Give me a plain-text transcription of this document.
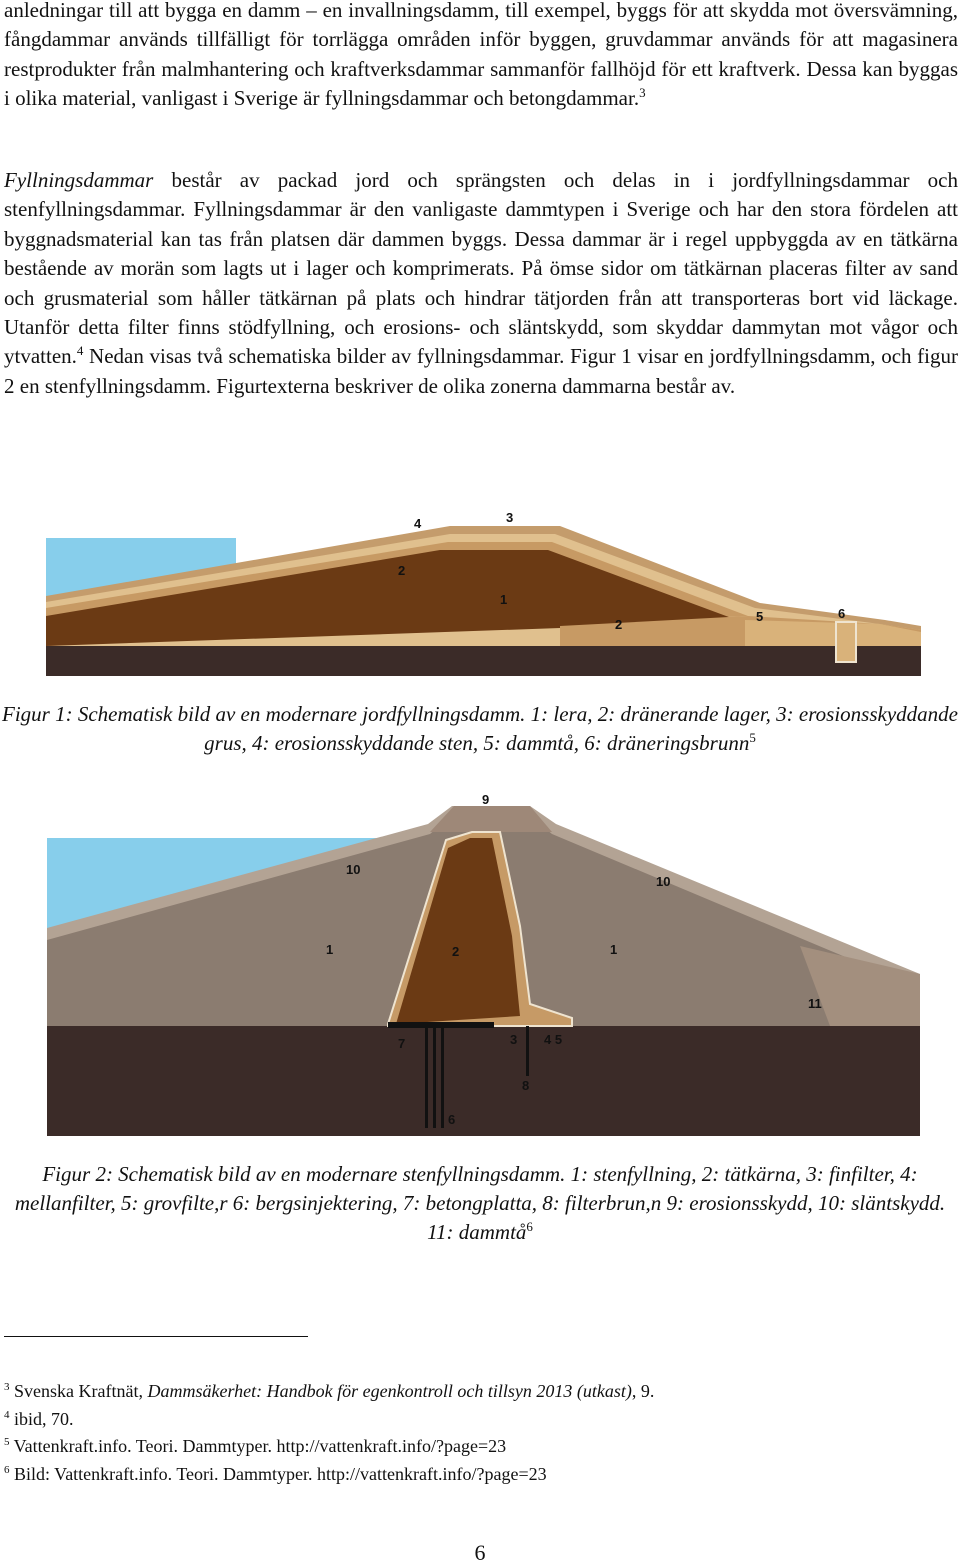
anledningar till att bygga en damm – en invallningsdamm, till exempel, byggs för att skydda mot översvämning, fångdammar används tillfälligt för torrlägga områden inför byggen, gruvdammar används för att magasinera restprodukter från malmhantering och kraftverksdammar sammanför fallhöjd för ett kraftverk. Dessa kan byggas i olika material, vanligast i Sverige är fyllningsdammar och betongdammar.$^3$
Fyllningsdammar består av packad jord och sprängsten och delas in i jordfyllningsdammar och stenfyllningsdammar. Fyllningsdammar är den vanligaste dammtypen i Sverige och har den stora fördelen att byggnadsmaterial kan tas från platsen där dammen byggs. Dessa dammar är i regel uppbyggda av en tätkärna bestående av morän som lagts ut i lager och komprimerats. På ömse sidor om tätkärnan placeras filter av sand och grusmaterial som håller tätkärnan på plats och hindrar tätjorden från att transporteras bort vid läckage. Utanför detta filter finns stödfyllning, och erosions- och släntskydd, som skyddar dammytan mot vågor och ytvatten.$^4$ Nedan visas två schematiska bilder av fyllningsdammar. Figur 1 visar en jordfyllningsdamm, och figur 2 en stenfyllningsdamm. Figurtexterna beskriver de olika zonerna dammarna består av.
4	3
2
1
2
5	6
Figur 1: Schematisk bild av en modernare jordfyllningsdamm. 1: lera, 2: dränerande lager, 3: erosionsskyddande grus, 4: erosionsskyddande sten, 5: dammtå, 6: dräneringsbrunn$^5$
9
10
10
1	2	1
11
7	3 4 5
8
6
Figur 2: Schematisk bild av en modernare stenfyllningsdamm. 1: stenfyllning, 2: tätkärna, 3: finfilter, 4: mellanfilter, 5: grovfilte,r 6: bergsinjektering, 7: betongplatta, 8: filterbrun,n 9: erosionsskydd, 10: släntskydd. 11: dammtå$^6$
$^3$ Svenska Kraftnät, Dammsäkerhet: Handbok för egenkontroll och tillsyn 2013 (utkast), 9.
$^4$ ibid, 70.
$^5$ Vattenkraft.info. Teori. Dammtyper. http://vattenkraft.info/?page=23
$^6$ Bild: Vattenkraft.info. Teori. Dammtyper. http://vattenkraft.info/?page=23
6
